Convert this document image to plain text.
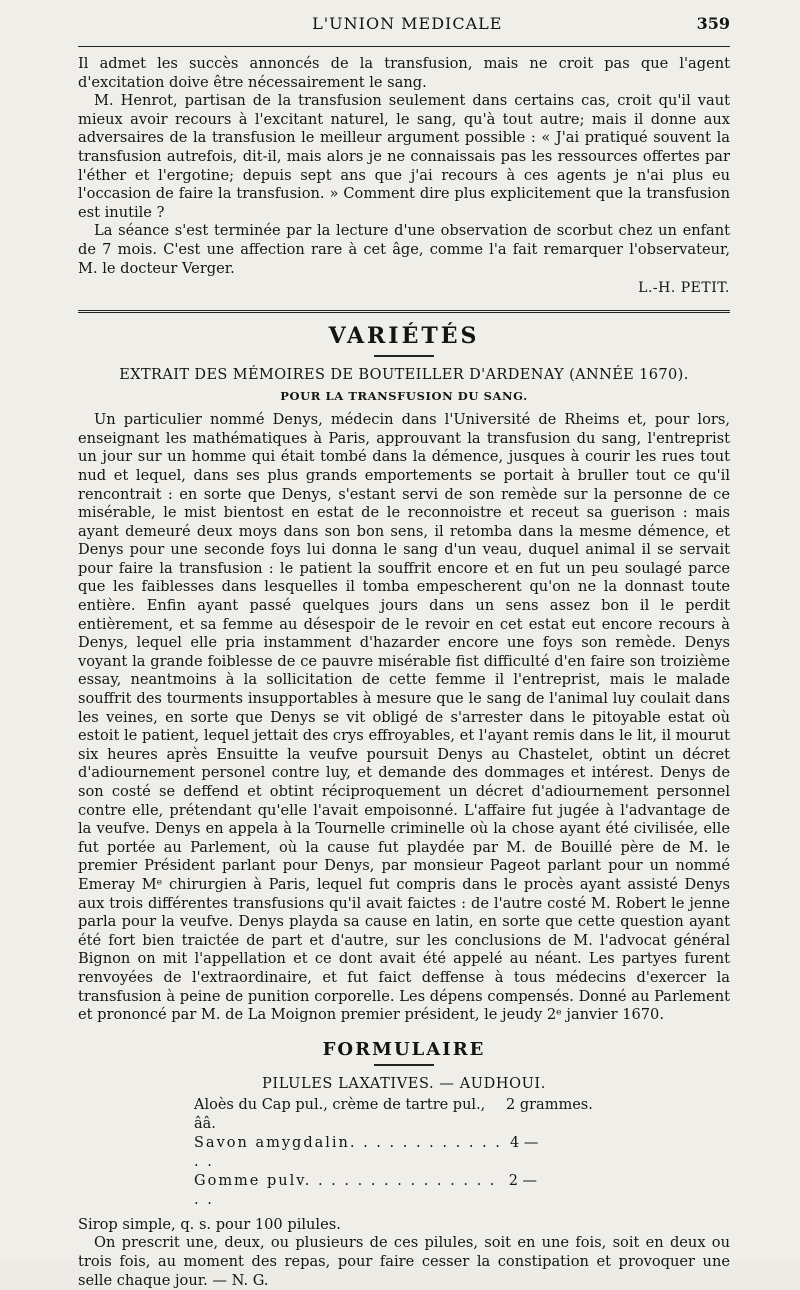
L'UNION MEDICALE	359

Il admet les succès annoncés de la transfusion, mais ne croit pas que l'agent d'excitation doive être nécessairement le sang.

M. Henrot, partisan de la transfusion seulement dans certains cas, croit qu'il vaut mieux avoir recours à l'excitant naturel, le sang, qu'à tout autre; mais il donne aux adversaires de la transfusion le meilleur argument possible : « J'ai pratiqué souvent la transfusion autrefois, dit-il, mais alors je ne connaissais pas les ressources offertes par l'éther et l'ergotine; depuis sept ans que j'ai recours à ces agents je n'ai plus eu l'occasion de faire la transfusion. » Comment dire plus explicitement que la transfusion est inutile ?

La séance s'est terminée par la lecture d'une observation de scorbut chez un enfant de 7 mois. C'est une affection rare à cet âge, comme l'a fait remarquer l'observateur, M. le docteur Verger.

L.-H. PETIT.
VARIÉTÉS
EXTRAIT DES MÉMOIRES DE BOUTEILLER D'ARDENAY (ANNÉE 1670).
POUR LA TRANSFUSION DU SANG.

Un particulier nommé Denys, médecin dans l'Université de Rheims et, pour lors, enseignant les mathématiques à Paris, approuvant la transfusion du sang, l'entreprist un jour sur un homme qui était tombé dans la démence, jusques à courir les rues tout nud et lequel, dans ses plus grands emportements se portait à bruller tout ce qu'il rencontrait : en sorte que Denys, s'estant servi de son remède sur la personne de ce misérable, le mist bientost en estat de le reconnoistre et receut sa guerison : mais ayant demeuré deux moys dans son bon sens, il retomba dans la mesme démence, et Denys pour une seconde foys lui donna le sang d'un veau, duquel animal il se servait pour faire la transfusion : le patient la souffrit encore et en fut un peu soulagé parce que les faiblesses dans lesquelles il tomba empescherent qu'on ne la donnast toute entière. Enfin ayant passé quelques jours dans un sens assez bon il le perdit entièrement, et sa femme au désespoir de le revoir en cet estat eut encore recours à Denys, lequel elle pria instamment d'hazarder encore une foys son remède. Denys voyant la grande foiblesse de ce pauvre misérable fist difficulté d'en faire son troizième essay, neantmoins à la sollicitation de cette femme il l'entreprist, mais le malade souffrit des tourments insupportables à mesure que le sang de l'animal luy coulait dans les veines, en sorte que Denys se vit obligé de s'arrester dans le pitoyable estat où estoit le patient, lequel jettait des crys effroyables, et l'ayant remis dans le lit, il mourut six heures après Ensuitte la veufve poursuit Denys au Chastelet, obtint un décret d'adiournement personel contre luy, et demande des dommages et intérest. Denys de son costé se deffend et obtint réciproquement un décret d'adiournement personnel contre elle, prétendant qu'elle l'avait empoisonné. L'affaire fut jugée à l'advantage de la veufve. Denys en appela à la Tournelle criminelle où la chose ayant été civilisée, elle fut portée au Parlement, où la cause fut playdée par M. de Bouillé père de M. le premier Président parlant pour Denys, par monsieur Pageot parlant pour un nommé Emeray Mᵉ chirurgien à Paris, lequel fut compris dans le procès ayant assisté Denys aux trois différentes transfusions qu'il avait faictes : de l'autre costé M. Robert le jenne parla pour la veufve. Denys playda sa cause en latin, en sorte que cette question ayant été fort bien traictée de part et d'autre, sur les conclusions de M. l'advocat général Bignon on mit l'appellation et ce dont avait été appelé au néant. Les partyes furent renvoyées de l'extraordinaire, et fut faict deffense à tous médecins d'exercer la transfusion à peine de punition corporelle. Les dépens compensés. Donné au Parlement et prononcé par M. de La Moignon premier président, le jeudy 2ᵉ janvier 1670.

FORMULAIRE
PILULES LAXATIVES. — AUDHOUI.
Aloès du Cap pul., crème de tartre pul., ââ.
2 grammes.
Savon amygdalin. . . . . . . . . . . . . .
4 —
Gomme pulv. . . . . . . . . . . . . . . . .
2 —

Sirop simple, q. s. pour 100 pilules.

On prescrit une, deux, ou plusieurs de ces pilules, soit en une fois, soit en deux ou trois fois, au moment des repas, pour faire cesser la constipation et provoquer une selle chaque jour. — N. G.
